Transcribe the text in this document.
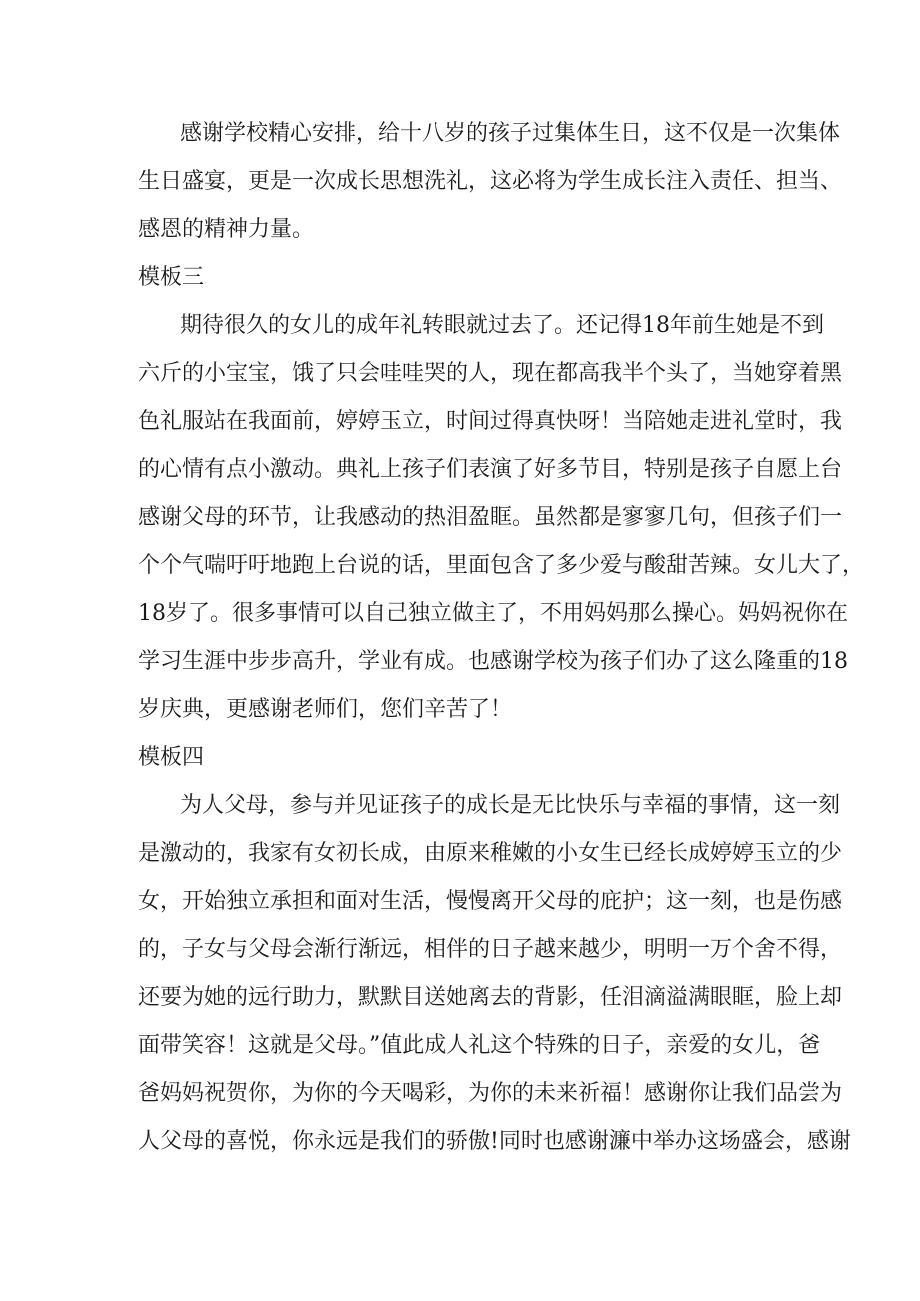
感谢学校精心安排，给十八岁的孩子过集体生日，这不仅是一次集体
生日盛宴，更是一次成长思想洗礼，这必将为学生成长注入责任、担当、
感恩的精神力量。
模板三
期待很久的女儿的成年礼转眼就过去了。还记得18年前生她是不到
六斤的小宝宝，饿了只会哇哇哭的人，现在都高我半个头了，当她穿着黑
色礼服站在我面前，婷婷玉立，时间过得真快呀！当陪她走进礼堂时，我
的心情有点小激动。典礼上孩子们表演了好多节目，特别是孩子自愿上台
感谢父母的环节，让我感动的热泪盈眶。虽然都是寥寥几句，但孩子们一
个个气喘吁吁地跑上台说的话，里面包含了多少爱与酸甜苦辣。女儿大了，
18岁了。很多事情可以自己独立做主了，不用妈妈那么操心。妈妈祝你在
学习生涯中步步高升，学业有成。也感谢学校为孩子们办了这么隆重的18
岁庆典，更感谢老师们，您们辛苦了！
模板四
为人父母，参与并见证孩子的成长是无比快乐与幸福的事情，这一刻
是激动的，我家有女初长成，由原来稚嫩的小女生已经长成婷婷玉立的少
女，开始独立承担和面对生活，慢慢离开父母的庇护；这一刻，也是伤感
的，子女与父母会渐行渐远，相伴的日子越来越少，明明一万个舍不得，
还要为她的远行助力，默默目送她离去的背影，任泪滴溢满眼眶，脸上却
面带笑容！这就是父母。”值此成人礼这个特殊的日子，亲爱的女儿，爸
爸妈妈祝贺你，为你的今天喝彩，为你的未来祈福！感谢你让我们品尝为
人父母的喜悦，你永远是我们的骄傲!同时也感谢濂中举办这场盛会，感谢
